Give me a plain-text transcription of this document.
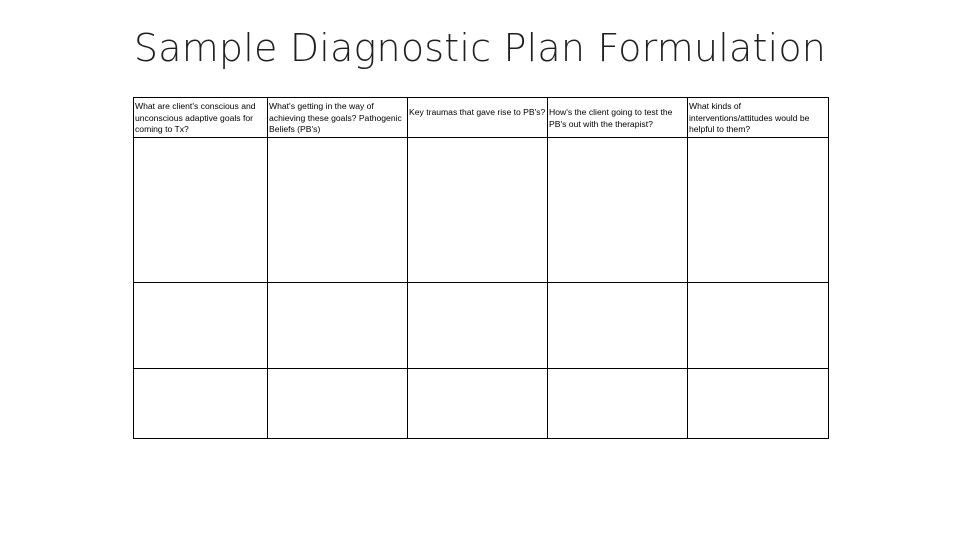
Sample Diagnostic Plan Formulation
What are client's conscious and unconscious adaptive goals for coming to Tx?	What's getting in the way of achieving these goals? Pathogenic Beliefs (PB's)	Key traumas that gave rise to PB's?	How's the client going to test the PB's out with the therapist?	What kinds of interventions/attitudes would be helpful to them?
